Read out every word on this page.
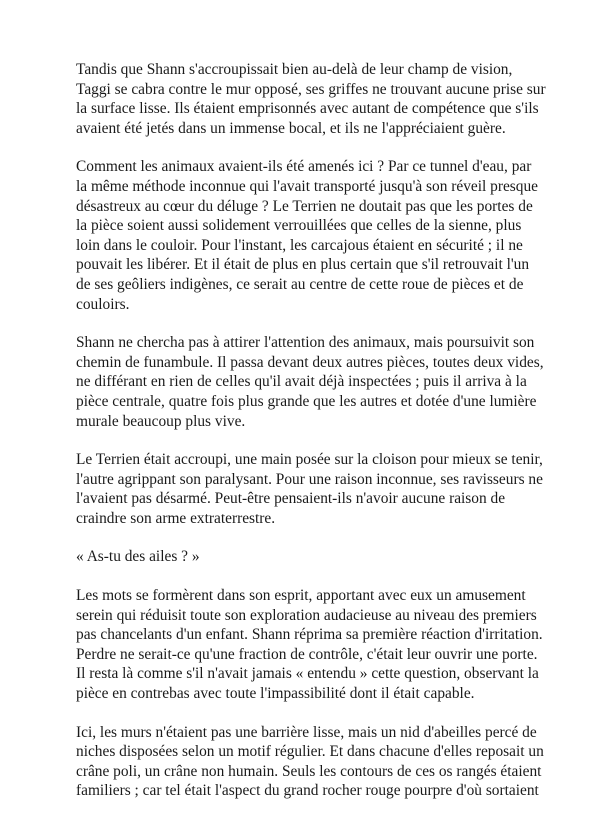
Tandis que Shann s'accroupissait bien au-delà de leur champ de vision,
Taggi se cabra contre le mur opposé, ses griffes ne trouvant aucune prise sur
la surface lisse. Ils étaient emprisonnés avec autant de compétence que s'ils
avaient été jetés dans un immense bocal, et ils ne l'appréciaient guère.

Comment les animaux avaient-ils été amenés ici ? Par ce tunnel d'eau, par
la même méthode inconnue qui l'avait transporté jusqu'à son réveil presque
désastreux au cœur du déluge ? Le Terrien ne doutait pas que les portes de
la pièce soient aussi solidement verrouillées que celles de la sienne, plus
loin dans le couloir. Pour l'instant, les carcajous étaient en sécurité ; il ne
pouvait les libérer. Et il était de plus en plus certain que s'il retrouvait l'un
de ses geôliers indigènes, ce serait au centre de cette roue de pièces et de
couloirs.

Shann ne chercha pas à attirer l'attention des animaux, mais poursuivit son
chemin de funambule. Il passa devant deux autres pièces, toutes deux vides,
ne différant en rien de celles qu'il avait déjà inspectées ; puis il arriva à la
pièce centrale, quatre fois plus grande que les autres et dotée d'une lumière
murale beaucoup plus vive.

Le Terrien était accroupi, une main posée sur la cloison pour mieux se tenir,
l'autre agrippant son paralysant. Pour une raison inconnue, ses ravisseurs ne
l'avaient pas désarmé. Peut-être pensaient-ils n'avoir aucune raison de
craindre son arme extraterrestre.

« As-tu des ailes ? »

Les mots se formèrent dans son esprit, apportant avec eux un amusement
serein qui réduisit toute son exploration audacieuse au niveau des premiers
pas chancelants d'un enfant. Shann réprima sa première réaction d'irritation.
Perdre ne serait-ce qu'une fraction de contrôle, c'était leur ouvrir une porte.
Il resta là comme s'il n'avait jamais « entendu » cette question, observant la
pièce en contrebas avec toute l'impassibilité dont il était capable.

Ici, les murs n'étaient pas une barrière lisse, mais un nid d'abeilles percé de
niches disposées selon un motif régulier. Et dans chacune d'elles reposait un
crâne poli, un crâne non humain. Seuls les contours de ces os rangés étaient
familiers ; car tel était l'aspect du grand rocher rouge pourpre d'où sortaient
